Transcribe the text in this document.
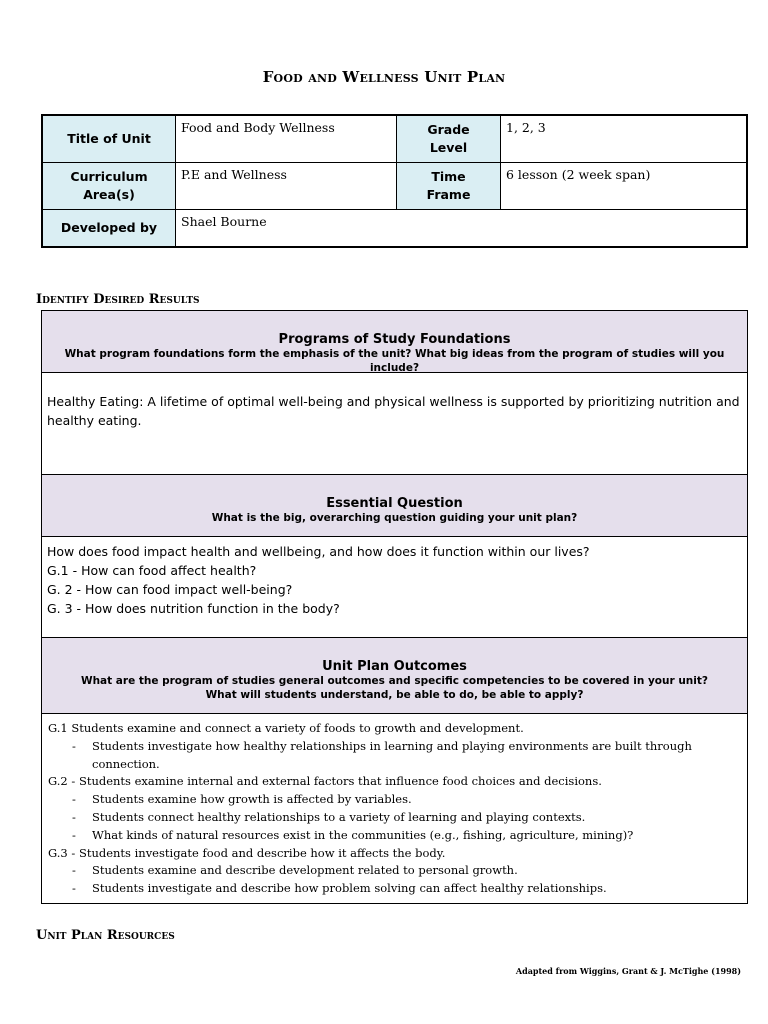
Food and Wellness Unit Plan
Title of Unit	Food and Body Wellness	Grade Level	1, 2, 3
Curriculum Area(s)	P.E and Wellness	Time Frame	6 lesson (2 week span)
Developed by	Shael Bourne		
Identify Desired Results
Programs of Study Foundations
What program foundations form the emphasis of the unit? What big ideas from the program of studies will you include?
Healthy Eating: A lifetime of optimal well-being and physical wellness is supported by prioritizing nutrition and healthy eating.
Essential Question
What is the big, overarching question guiding your unit plan?
How does food impact health and wellbeing, and how does it function within our lives?
G.1 - How can food affect health?
G. 2 - How can food impact well-being?
G. 3 - How does nutrition function in the body?
Unit Plan Outcomes
What are the program of studies general outcomes and specific competencies to be covered in your unit?
What will students understand, be able to do, be able to apply?
G.1 Students examine and connect a variety of foods to growth and development.
- Students investigate how healthy relationships in learning and playing environments are built through connection.
G.2 - Students examine internal and external factors that influence food choices and decisions.
- Students examine how growth is affected by variables.
- Students connect healthy relationships to a variety of learning and playing contexts.
- What kinds of natural resources exist in the communities (e.g., fishing, agriculture, mining)?
G.3 - Students investigate food and describe how it affects the body.
- Students examine and describe development related to personal growth.
- Students investigate and describe how problem solving can affect healthy relationships.
Unit Plan Resources
Adapted from Wiggins, Grant & J. McTighe (1998)
